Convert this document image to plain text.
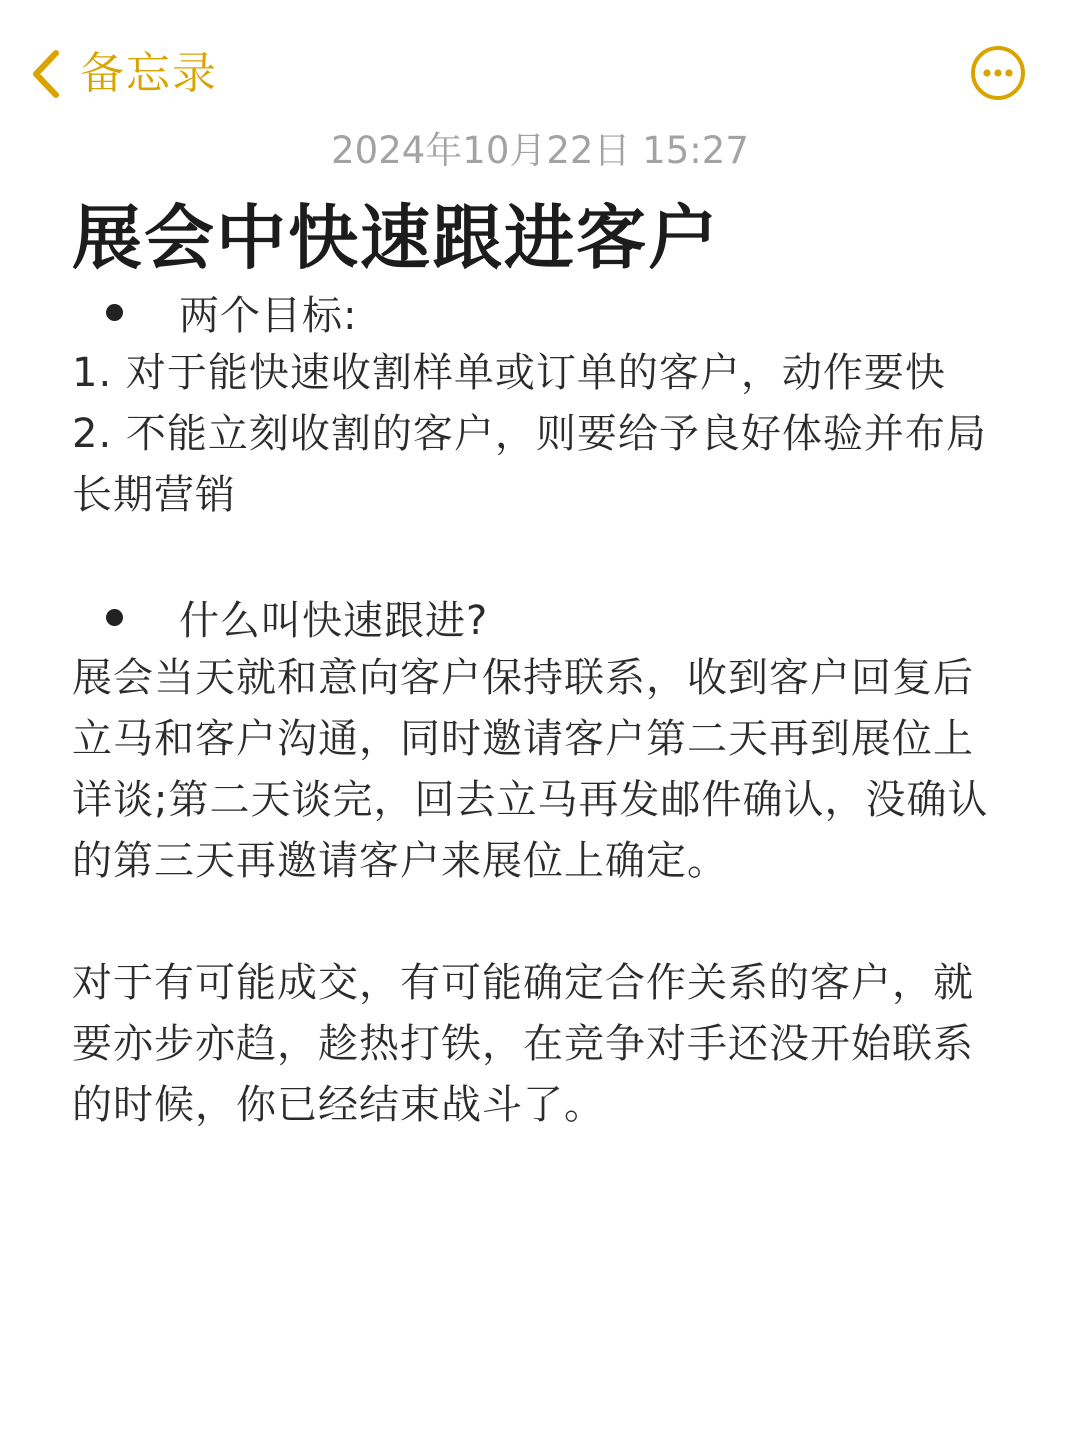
备忘录
2024年10月22日 15:27
展会中快速跟进客户
两个目标:

1. 对于能快速收割样单或订单的客户，动作要快

2. 不能立刻收割的客户，则要给予良好体验并布局长期营销

什么叫快速跟进?

展会当天就和意向客户保持联系，收到客户回复后立马和客户沟通，同时邀请客户第二天再到展位上详谈;第二天谈完，回去立马再发邮件确认，没确认的第三天再邀请客户来展位上确定。

对于有可能成交，有可能确定合作关系的客户，就要亦步亦趋，趁热打铁，在竞争对手还没开始联系的时候，你已经结束战斗了。
